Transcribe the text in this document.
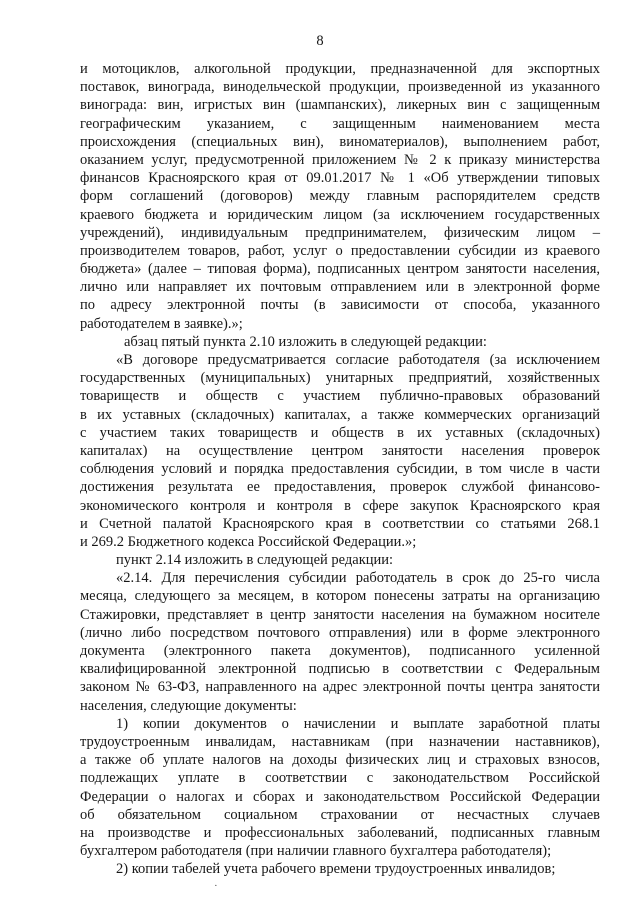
8
и мотоциклов, алкогольной продукции, предназначенной для экспортных
поставок, винограда, винодельческой продукции, произведенной из указанного
винограда: вин, игристых вин (шампанских), ликерных вин с защищенным
географическим указанием, с защищенным наименованием места
происхождения (специальных вин), виноматериалов), выполнением работ,
оказанием услуг, предусмотренной приложением № 2 к приказу министерства
финансов Красноярского края от 09.01.2017 № 1 «Об утверждении типовых
форм соглашений (договоров) между главным распорядителем средств
краевого бюджета и юридическим лицом (за исключением государственных
учреждений), индивидуальным предпринимателем, физическим лицом –
производителем товаров, работ, услуг о предоставлении субсидии из краевого
бюджета» (далее – типовая форма), подписанных центром занятости населения,
лично или направляет их почтовым отправлением или в электронной форме
по адресу электронной почты (в зависимости от способа, указанного
работодателем в заявке).»;
абзац пятый пункта 2.10 изложить в следующей редакции:
«В договоре предусматривается согласие работодателя (за исключением
государственных (муниципальных) унитарных предприятий, хозяйственных
товариществ и обществ с участием публично-правовых образований
в их уставных (складочных) капиталах, а также коммерческих организаций
с участием таких товариществ и обществ в их уставных (складочных)
капиталах) на осуществление центром занятости населения проверок
соблюдения условий и порядка предоставления субсидии, в том числе в части
достижения результата ее предоставления, проверок службой финансово-
экономического контроля и контроля в сфере закупок Красноярского края
и Счетной палатой Красноярского края в соответствии со статьями 268.1
и 269.2 Бюджетного кодекса Российской Федерации.»;
пункт 2.14 изложить в следующей редакции:
«2.14. Для перечисления субсидии работодатель в срок до 25-го числа
месяца, следующего за месяцем, в котором понесены затраты на организацию
Стажировки, представляет в центр занятости населения на бумажном носителе
(лично либо посредством почтового отправления) или в форме электронного
документа (электронного пакета документов), подписанного усиленной
квалифицированной электронной подписью в соответствии с Федеральным
законом № 63-ФЗ, направленного на адрес электронной почты центра занятости
населения, следующие документы:
1) копии документов о начислении и выплате заработной платы
трудоустроенным инвалидам, наставникам (при назначении наставников),
а также об уплате налогов на доходы физических лиц и страховых взносов,
подлежащих уплате в соответствии с законодательством Российской
Федерации о налогах и сборах и законодательством Российской Федерации
об обязательном социальном страховании от несчастных случаев
на производстве и профессиональных заболеваний, подписанных главным
бухгалтером работодателя (при наличии главного бухгалтера работодателя);
2) копии табелей учета рабочего времени трудоустроенных инвалидов;
·
